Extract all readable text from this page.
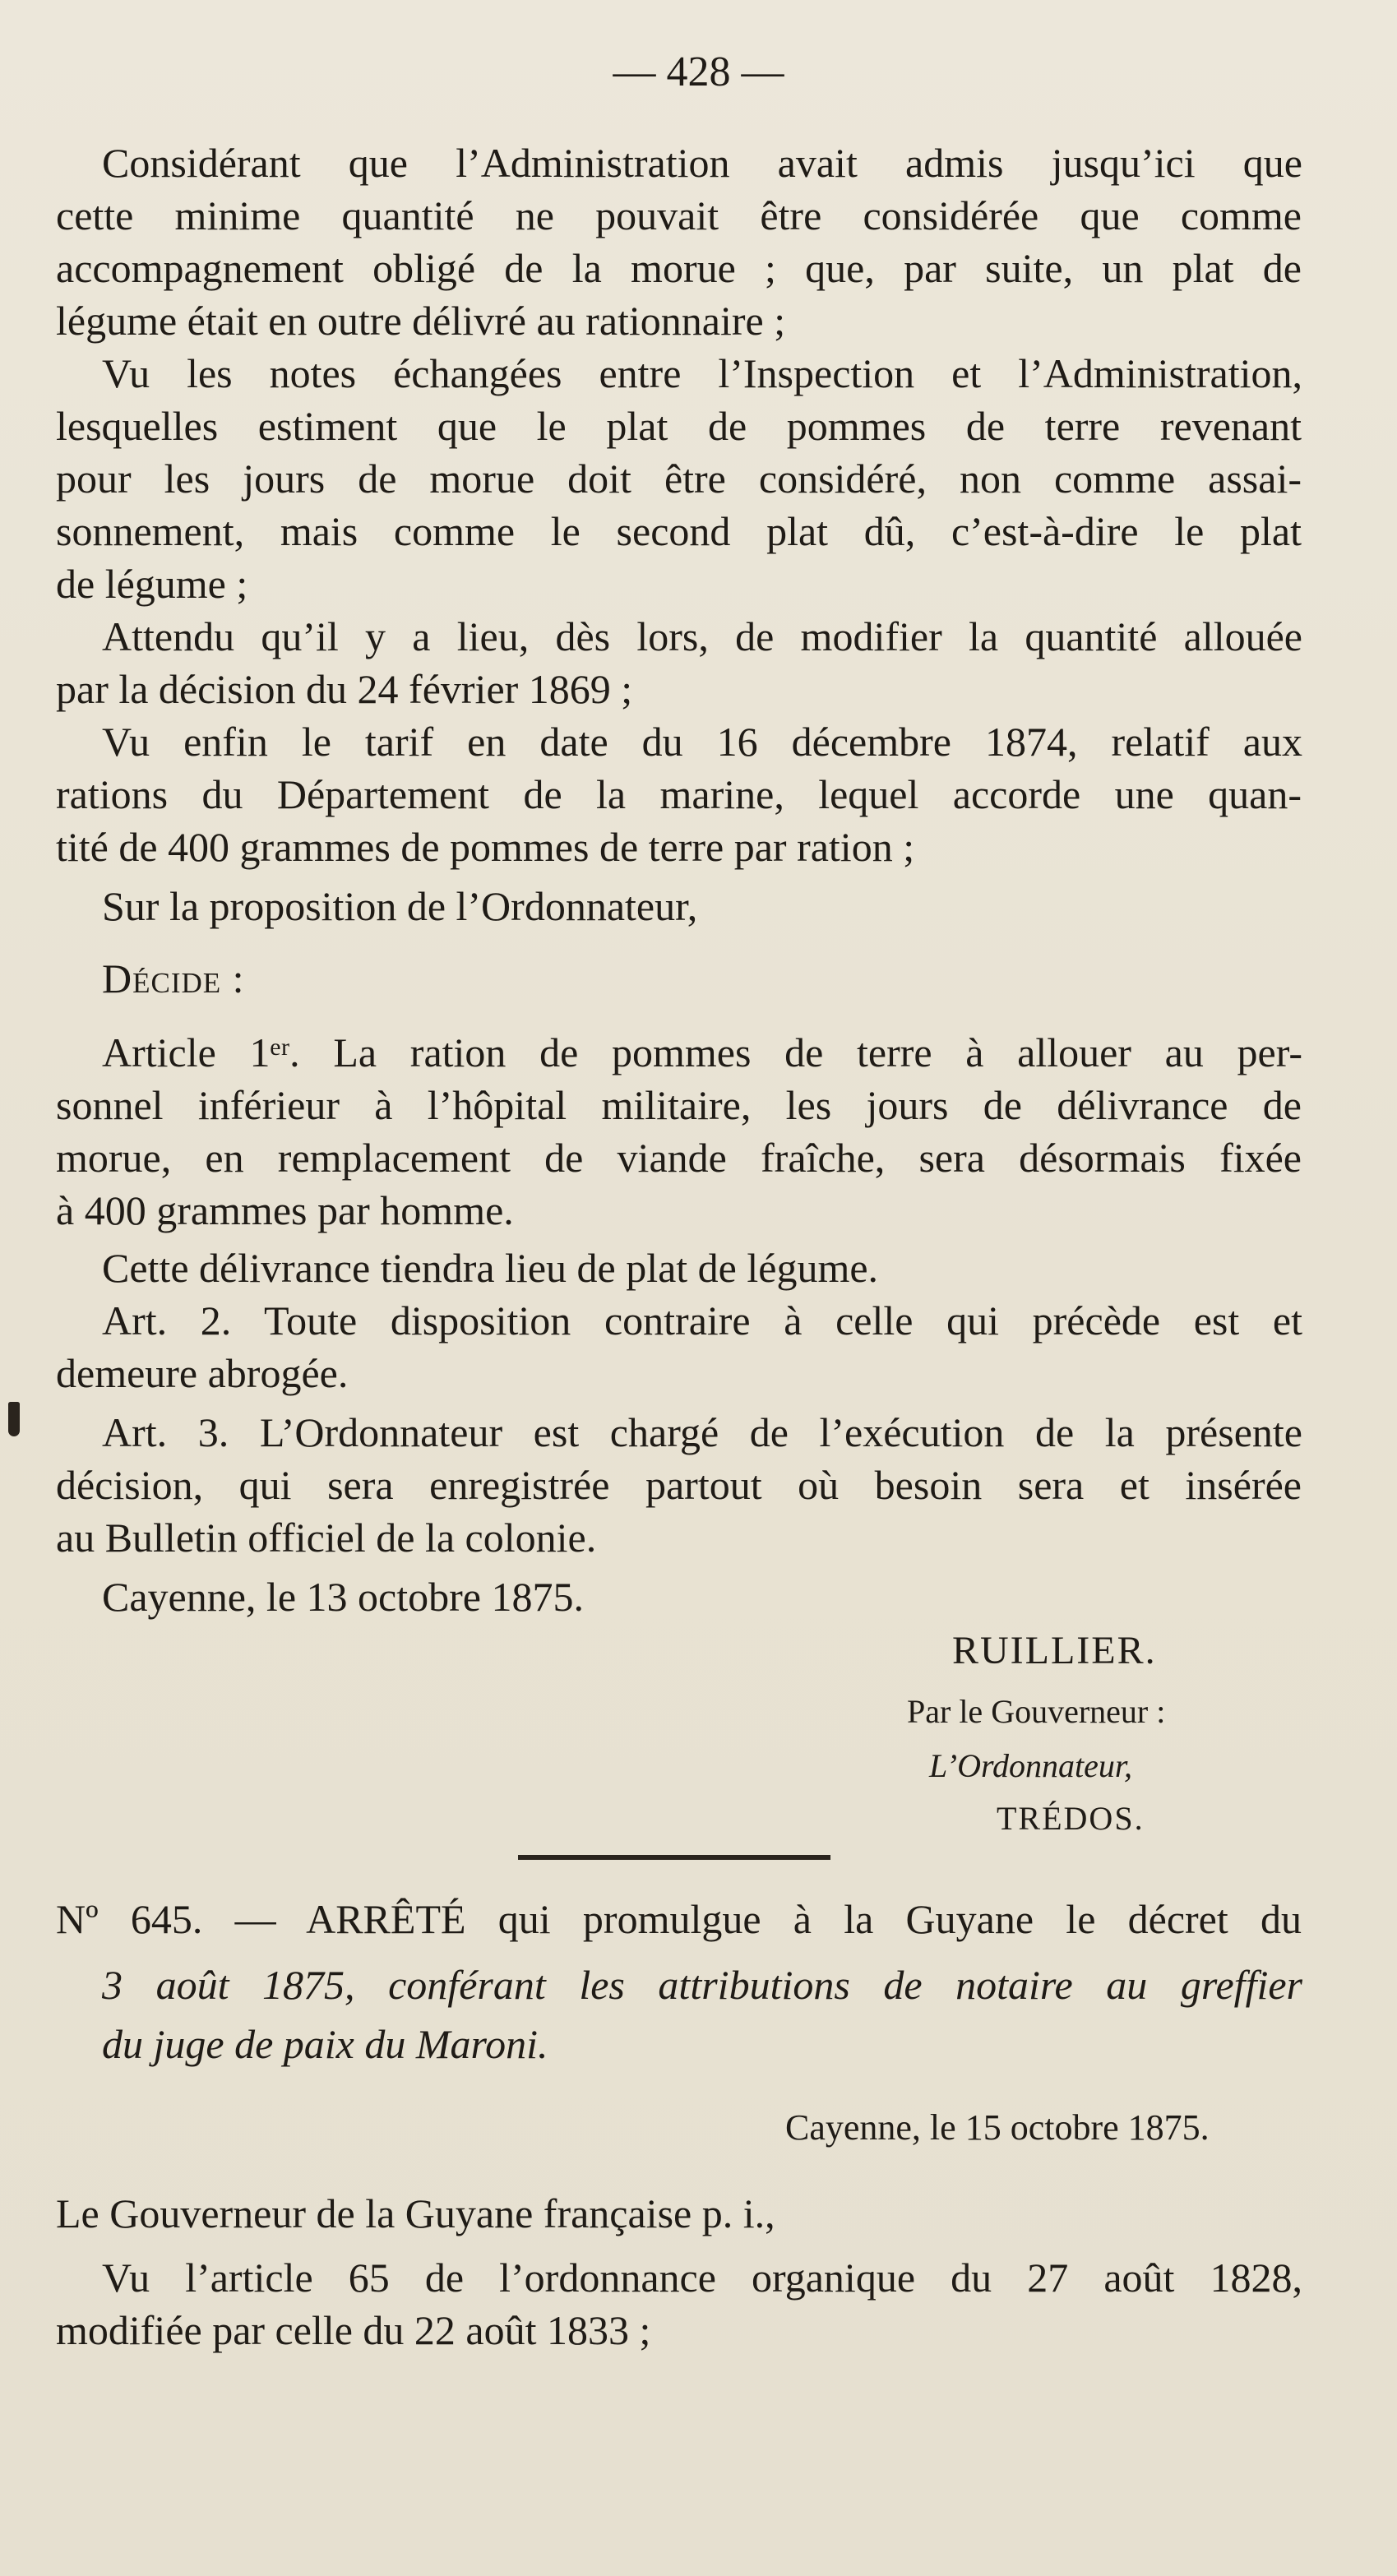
— 428 —
Considérant que l’Administration avait admis jusqu’ici que
cette minime quantité ne pouvait être considérée que comme
accompagnement obligé de la morue ; que, par suite, un plat de
légume était en outre délivré au rationnaire ;
Vu les notes échangées entre l’Inspection et l’Administration,
lesquelles estiment que le plat de pommes de terre revenant
pour les jours de morue doit être considéré, non comme assai-
sonnement, mais comme le second plat dû, c’est-à-dire le plat
de légume ;
Attendu qu’il y a lieu, dès lors, de modifier la quantité allouée
par la décision du 24 février 1869 ;
Vu enfin le tarif en date du 16 décembre 1874, relatif aux
rations du Département de la marine, lequel accorde une quan-
tité de 400 grammes de pommes de terre par ration ;
Sur la proposition de l’Ordonnateur,
Décide :
Article 1ᵉʳ. La ration de pommes de terre à allouer au per-
sonnel inférieur à l’hôpital militaire, les jours de délivrance de
morue, en remplacement de viande fraîche, sera désormais fixée
à 400 grammes par homme.
Cette délivrance tiendra lieu de plat de légume.
Art. 2. Toute disposition contraire à celle qui précède est et
demeure abrogée.
Art. 3. L’Ordonnateur est chargé de l’exécution de la présente
décision, qui sera enregistrée partout où besoin sera et insérée
au Bulletin officiel de la colonie.
Cayenne, le 13 octobre 1875.
Nº 645. — ARRÊTÉ qui promulgue à la Guyane le décret du
3 août 1875, conférant les attributions de notaire au greffier
du juge de paix du Maroni.
Le Gouverneur de la Guyane française p. i.,
Vu l’article 65 de l’ordonnance organique du 27 août 1828,
modifiée par celle du 22 août 1833 ;
RUILLIER.
Par le Gouverneur :
L’Ordonnateur,
TRÉDOS.
Cayenne, le 15 octobre 1875.
